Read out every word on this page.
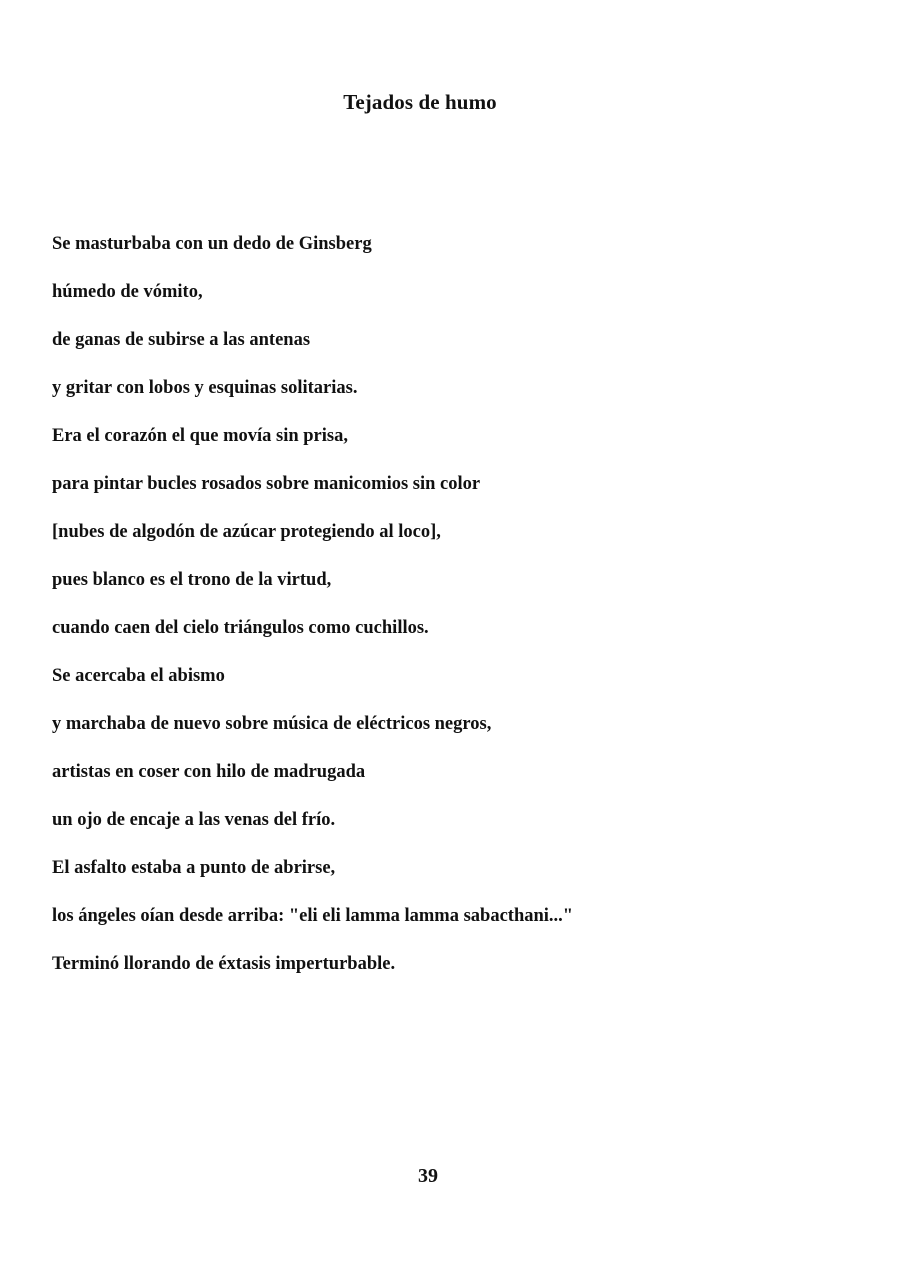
Tejados de humo
Se masturbaba con un dedo de Ginsberg
húmedo de vómito,
de ganas de subirse a las antenas
y gritar con lobos y esquinas solitarias.
Era el corazón el que movía sin prisa,
para pintar bucles rosados sobre manicomios sin color
[nubes de algodón de azúcar protegiendo al loco],
pues blanco es el trono de la virtud,
cuando caen del cielo triángulos como cuchillos.
Se acercaba el abismo
y marchaba de nuevo sobre música de eléctricos negros,
artistas en coser con hilo de madrugada
un ojo de encaje a las venas del frío.
El asfalto estaba a punto de abrirse,
los ángeles oían desde arriba: "eli eli lamma lamma sabacthani..."
Terminó llorando de éxtasis imperturbable.
39
